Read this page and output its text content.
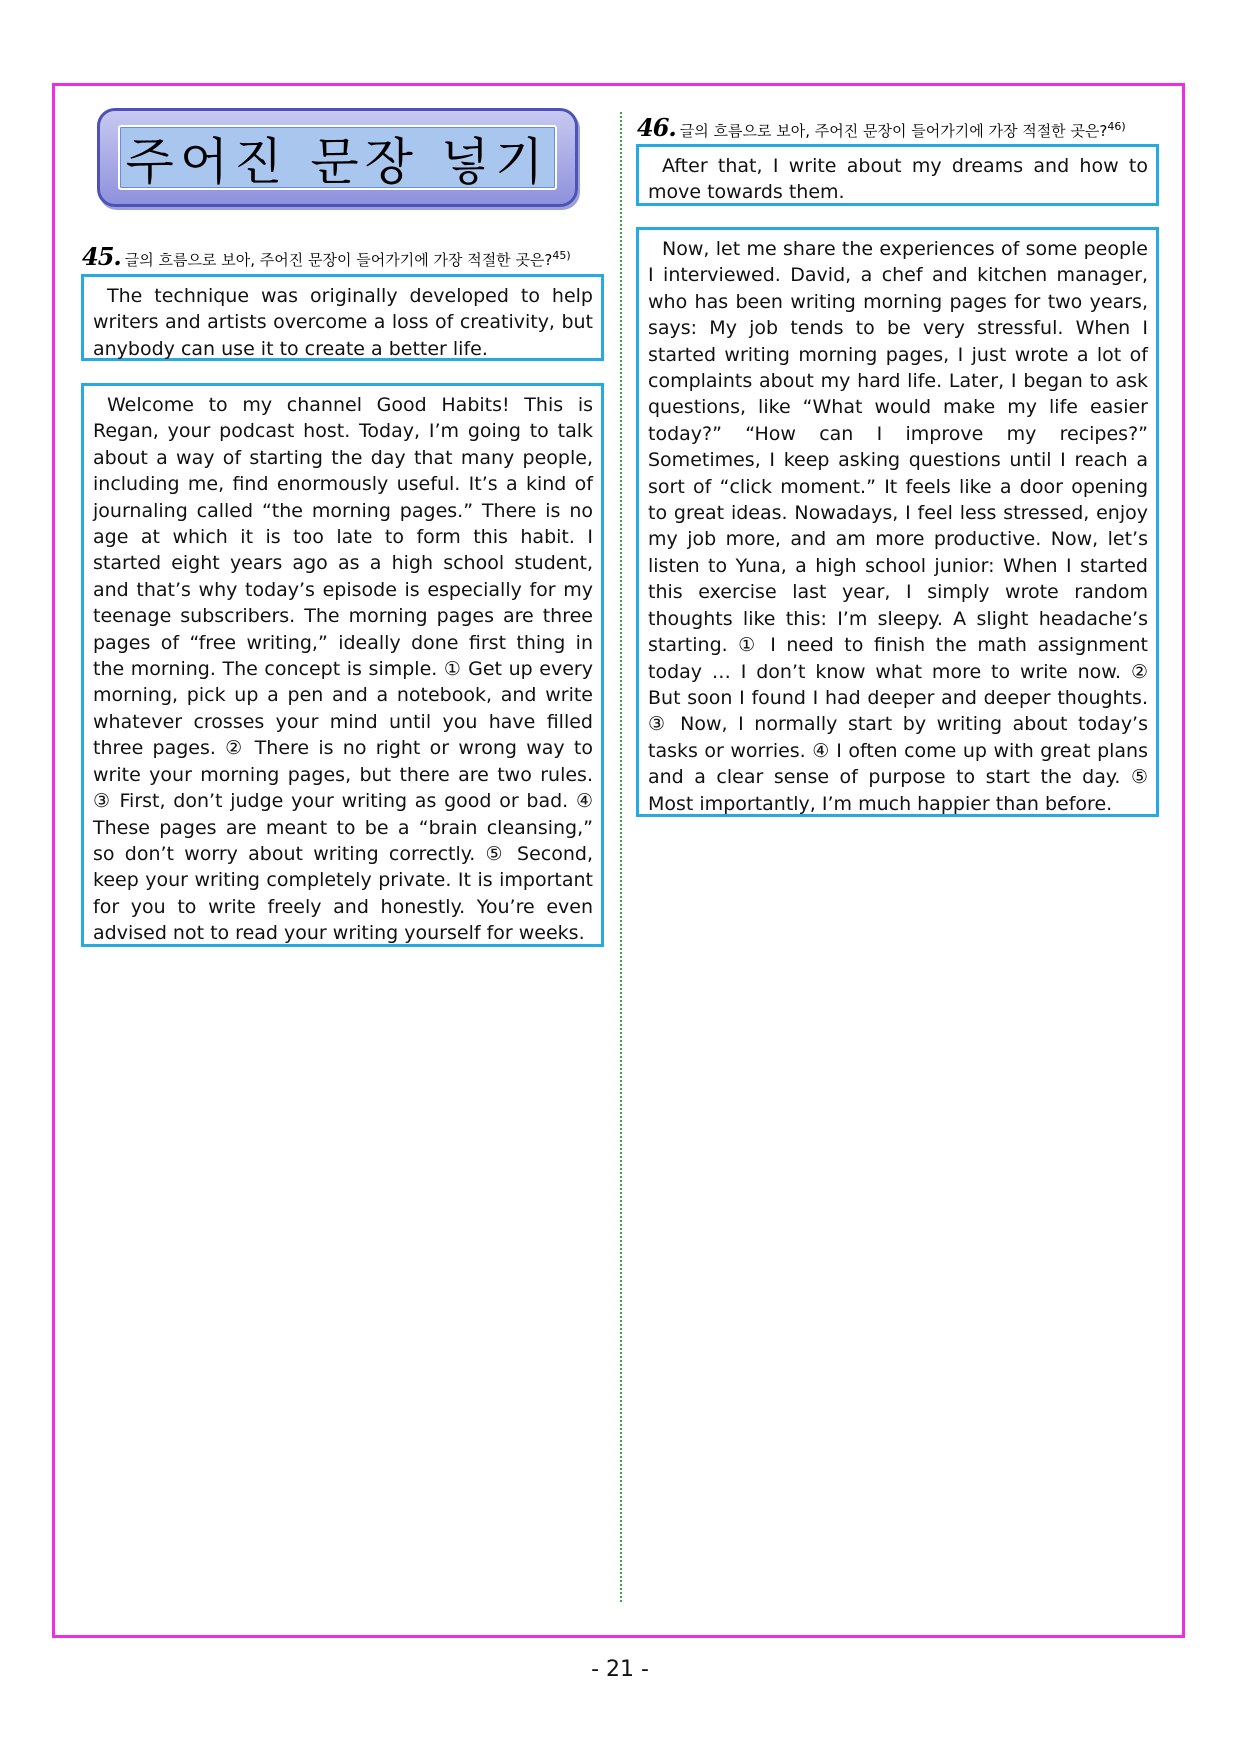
주어진 문장 넣기
45. 글의 흐름으로 보아, 주어진 문장이 들어가기에 가장 적절한 곳은?$^{45)}$

The technique was originally developed to help writers and artists overcome a loss of creativity, but anybody can use it to create a better life.

Welcome to my channel Good Habits! This is Regan, your podcast host. Today, I’m going to talk about a way of starting the day that many people, including me, find enormously useful. It’s a kind of journaling called “the morning pages.” There is no age at which it is too late to form this habit. I started eight years ago as a high school student, and that’s why today’s episode is especially for my teenage subscribers. The morning pages are three pages of “free writing,” ideally done first thing in the morning. The concept is simple. ① Get up every morning, pick up a pen and a notebook, and write whatever crosses your mind until you have filled three pages. ② There is no right or wrong way to write your morning pages, but there are two rules. ③ First, don’t judge your writing as good or bad. ④ These pages are meant to be a “brain cleansing,” so don’t worry about writing correctly. ⑤ Second, keep your writing completely private. It is important for you to write freely and honestly. You’re even advised not to read your writing yourself for weeks.

46. 글의 흐름으로 보아, 주어진 문장이 들어가기에 가장 적절한 곳은?$^{46)}$

After that, I write about my dreams and how to move towards them.

Now, let me share the experiences of some people I interviewed. David, a chef and kitchen manager, who has been writing morning pages for two years, says: My job tends to be very stressful. When I started writing morning pages, I just wrote a lot of complaints about my hard life. Later, I began to ask questions, like “What would make my life easier today?” “How can I improve my recipes?” Sometimes, I keep asking questions until I reach a sort of “click moment.” It feels like a door opening to great ideas. Nowadays, I feel less stressed, enjoy my job more, and am more productive. Now, let’s listen to Yuna, a high school junior: When I started this exercise last year, I simply wrote random thoughts like this: I’m sleepy. A slight headache’s starting. ① I need to finish the math assignment today … I don’t know what more to write now. ② But soon I found I had deeper and deeper thoughts. ③ Now, I normally start by writing about today’s tasks or worries. ④ I often come up with great plans and a clear sense of purpose to start the day. ⑤ Most importantly, I’m much happier than before.

- 21 -
